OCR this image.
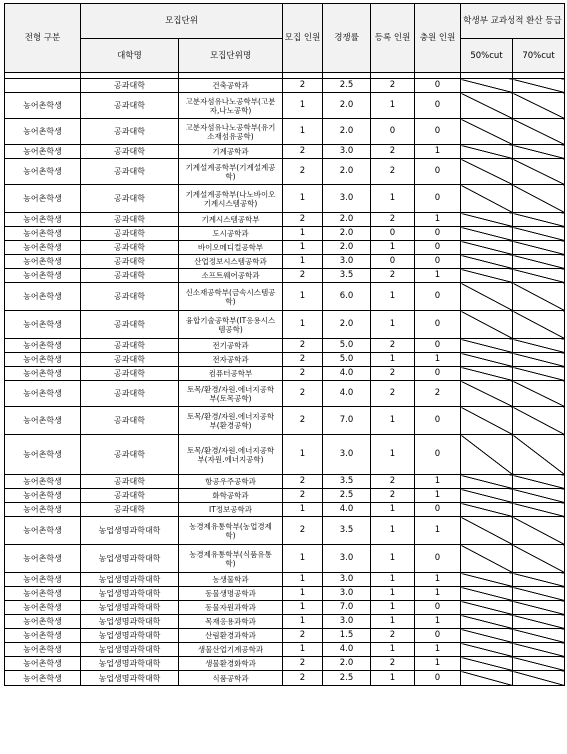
전형 구분	모집단위		모집 인원	경쟁률	등록 인원	충원 인원	학생부 교과성적 환산 등급	
	대학명	모집단위명					50%cut	70%cut

	공과대학	건축공학과	2	2.5	2	0		
농어촌학생	공과대학	고분자섬유나노공학부(고분자,나노공학)	1	2.0	1	0		
농어촌학생	공과대학	고분자섬유나노공학부(유기소재섬유공학)	1	2.0	0	0		
농어촌학생	공과대학	기계공학과	2	3.0	2	1		
농어촌학생	공과대학	기계설계공학부(기계설계공학)	2	2.0	2	0		
농어촌학생	공과대학	기계설계공학부(나노바이오기계시스템공학)	1	3.0	1	0		
농어촌학생	공과대학	기계시스템공학부	2	2.0	2	1		
농어촌학생	공과대학	도시공학과	1	2.0	0	0		
농어촌학생	공과대학	바이오메디컬공학부	1	2.0	1	0		
농어촌학생	공과대학	산업정보시스템공학과	1	3.0	0	0		
농어촌학생	공과대학	소프트웨어공학과	2	3.5	2	1		
농어촌학생	공과대학	신소재공학부(금속시스템공학)	1	6.0	1	0		
농어촌학생	공과대학	융합기술공학부(IT응용시스템공학)	1	2.0	1	0		
농어촌학생	공과대학	전기공학과	2	5.0	2	0		
농어촌학생	공과대학	전자공학과	2	5.0	1	1		
농어촌학생	공과대학	컴퓨터공학부	2	4.0	2	0		
농어촌학생	공과대학	토목/환경/자원.에너지공학부(토목공학)	2	4.0	2	2		
농어촌학생	공과대학	토목/환경/자원.에너지공학부(환경공학)	2	7.0	1	0		
농어촌학생	공과대학	토목/환경/자원.에너지공학부(자원.에너지공학)	1	3.0	1	0		
농어촌학생	공과대학	항공우주공학과	2	3.5	2	1		
농어촌학생	공과대학	화학공학과	2	2.5	2	1		
농어촌학생	공과대학	IT정보공학과	1	4.0	1	0		
농어촌학생	농업생명과학대학	농경제유통학부(농업경제학)	2	3.5	1	1		
농어촌학생	농업생명과학대학	농경제유통학부(식품유통학)	1	3.0	1	0		
농어촌학생	농업생명과학대학	농생물학과	1	3.0	1	1		
농어촌학생	농업생명과학대학	동물생명공학과	1	3.0	1	1		
농어촌학생	농업생명과학대학	동물자원과학과	1	7.0	1	0		
농어촌학생	농업생명과학대학	목재응용과학과	1	3.0	1	1		
농어촌학생	농업생명과학대학	산림환경과학과	2	1.5	2	0		
농어촌학생	농업생명과학대학	생물산업기계공학과	1	4.0	1	1		
농어촌학생	농업생명과학대학	생물환경화학과	2	2.0	2	1		
농어촌학생	농업생명과학대학	식품공학과	2	2.5	1	0		
